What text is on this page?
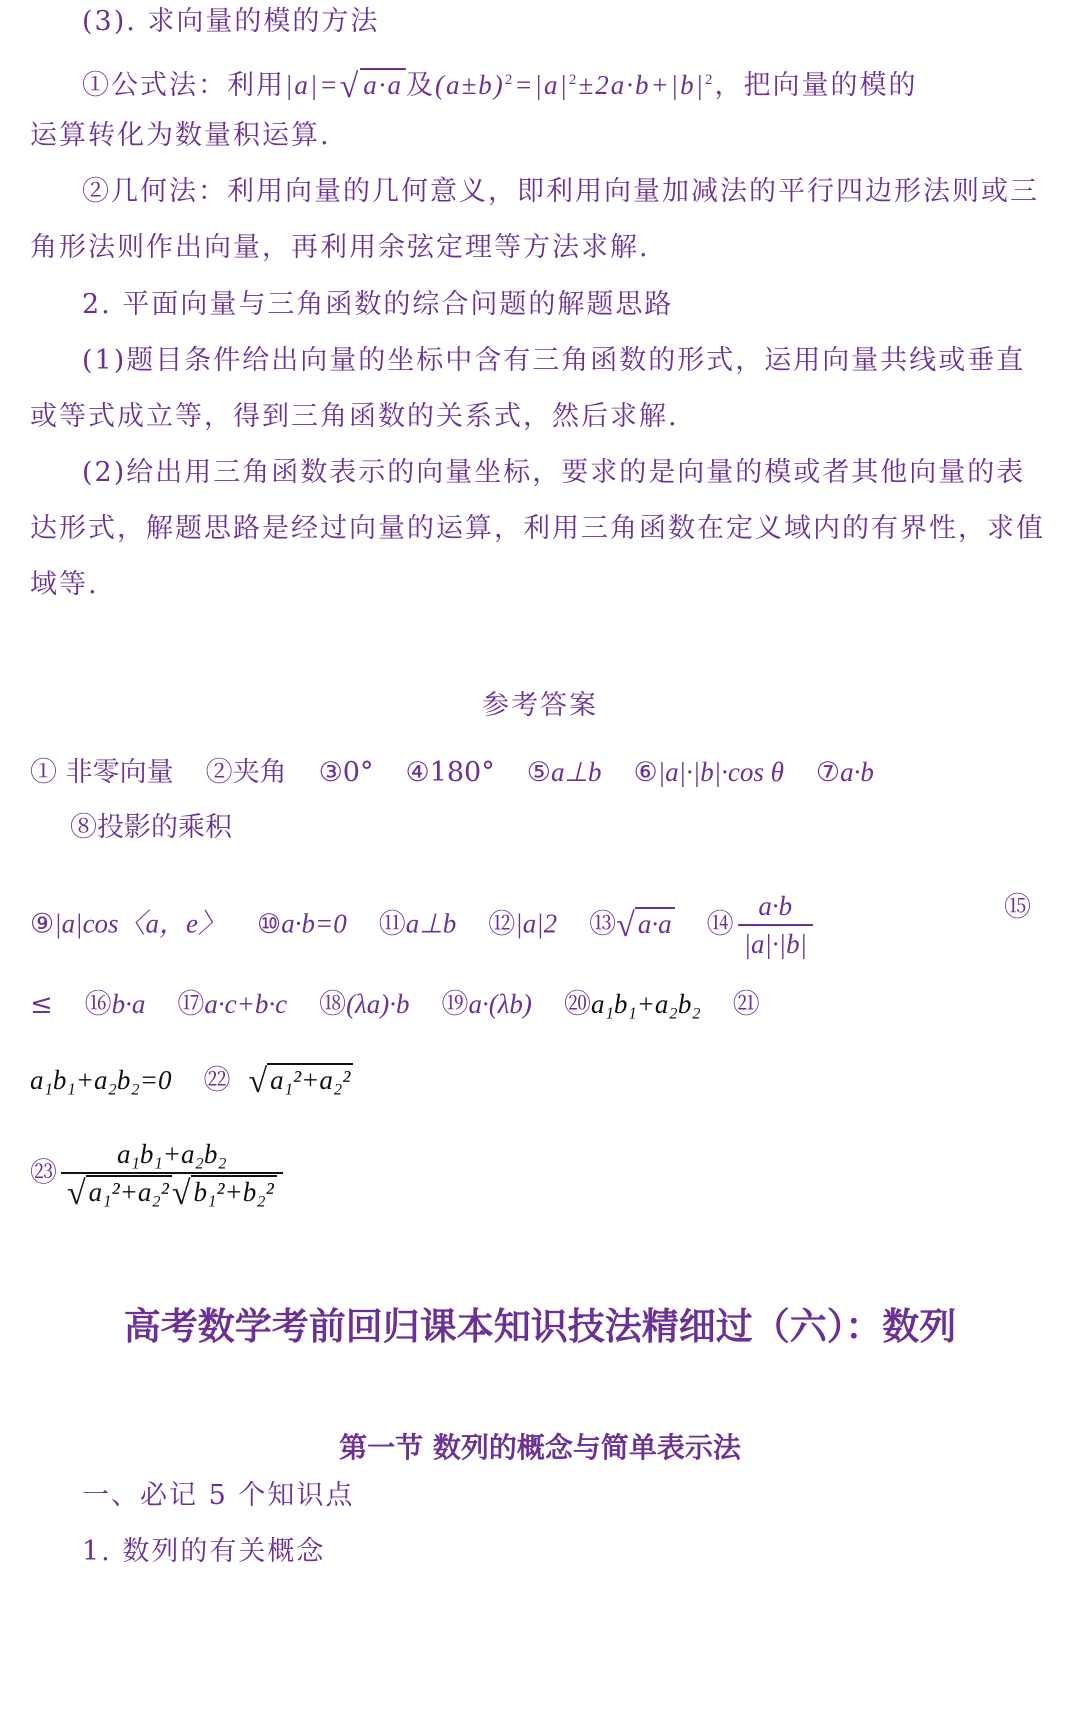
(3). 求向量的模的方法
①公式法：利用|a|=√ a·a 及$(a\pm b)^2=|a|^2\pm 2a\cdot b+|b|^2$，把向量的模的
运算转化为数量积运算.
②几何法：利用向量的几何意义，即利用向量加减法的平行四边形法则或三
角形法则作出向量，再利用余弦定理等方法求解.
2. 平面向量与三角函数的综合问题的解题思路
(1)题目条件给出向量的坐标中含有三角函数的形式，运用向量共线或垂直
或等式成立等，得到三角函数的关系式，然后求解.
(2)给出用三角函数表示的向量坐标，要求的是向量的模或者其他向量的表
达形式，解题思路是经过向量的运算，利用三角函数在定义域内的有界性，求值
域等.
参考答案
① 非零向量 ②夹角 ③0° ④180° ⑤a⊥b ⑥|a|·|b|·cos θ ⑦a·b
⑧投影的乘积
⑨|a|cos〈a，e〉 ⑩a·b=0 ⑪a⊥b ⑫|a|2 ⑬√ a·a ⑭ $\frac{a\cdot b}{|a|\cdot|b|}$	⑮
≤ ⑯b·a ⑰a·c+b·c ⑱(λa)·b ⑲a·(λb) ⑳a₁b₁+a₂b₂ ㉑
a₁b₁+a₂b₂=0 ㉒ √ a₁²+a₂²
㉓ $\frac{\text{a₁b₁+a₂b₂}}{\text{√ a₁²+a₂²√ b₁²+b₂²}}$
高考数学考前回归课本知识技法精细过（六）：数列
第一节 数列的概念与简单表示法
一、必记 5 个知识点
1. 数列的有关概念
